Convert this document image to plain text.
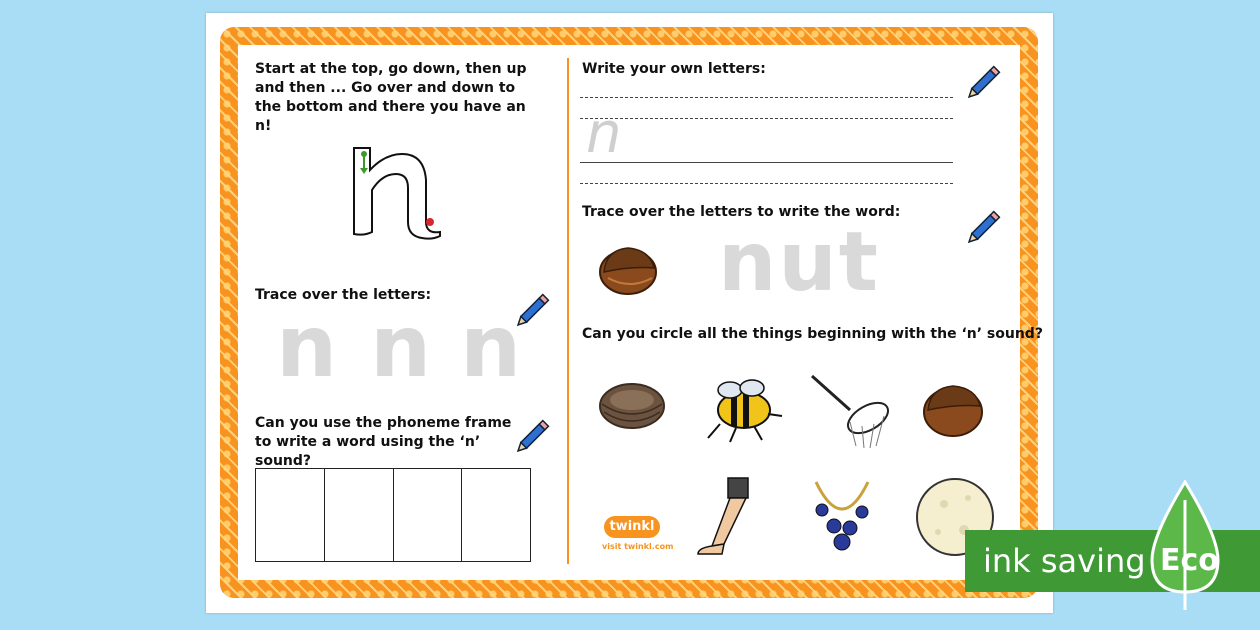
Start at the top, go down, then up and then ... Go over and down to the bottom and there you have an n!
Trace over the letters:
n n n
Can you use the phoneme frame to write a word using the ‘n’ sound?
Write your own letters:
n
Trace over the letters to write the word:
nut
Can you circle all the things beginning with the ‘n’ sound?
twinkl
visit twinkl.com	ink saving Eco
